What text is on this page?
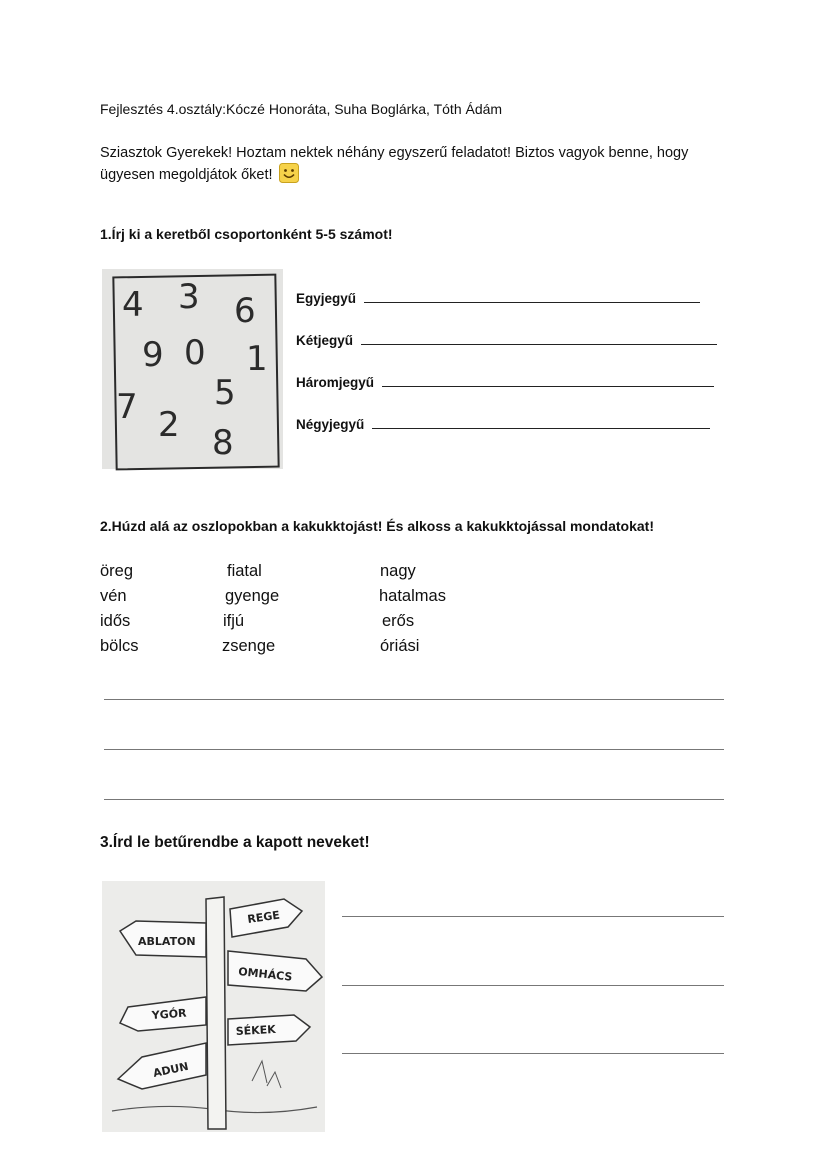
Fejlesztés 4.osztály:Kóczé Honoráta, Suha Boglárka, Tóth Ádám
Sziasztok Gyerekek! Hoztam nektek néhány egyszerű feladatot! Biztos vagyok benne, hogy ügyesen megoldjátok őket!
1.Írj ki a keretből csoportonként 5-5 számot!
4 3 6
9 0 1
7 5
2 8
Egyjegyű
Kétjegyű
Háromjegyű
Négyjegyű
2.Húzd alá az oszlopokban a kakukktojást! És alkoss a kakukktojással mondatokat!
öreg
vén
idős
bölcs
fiatal
gyenge
ifjú
zsenge
nagy
hatalmas
erős
óriási
3.Írd le betűrendbe a kapott neveket!
REGE
ABLATON
OMHÁCS
YGÓR
SÉKEK
ADUN
